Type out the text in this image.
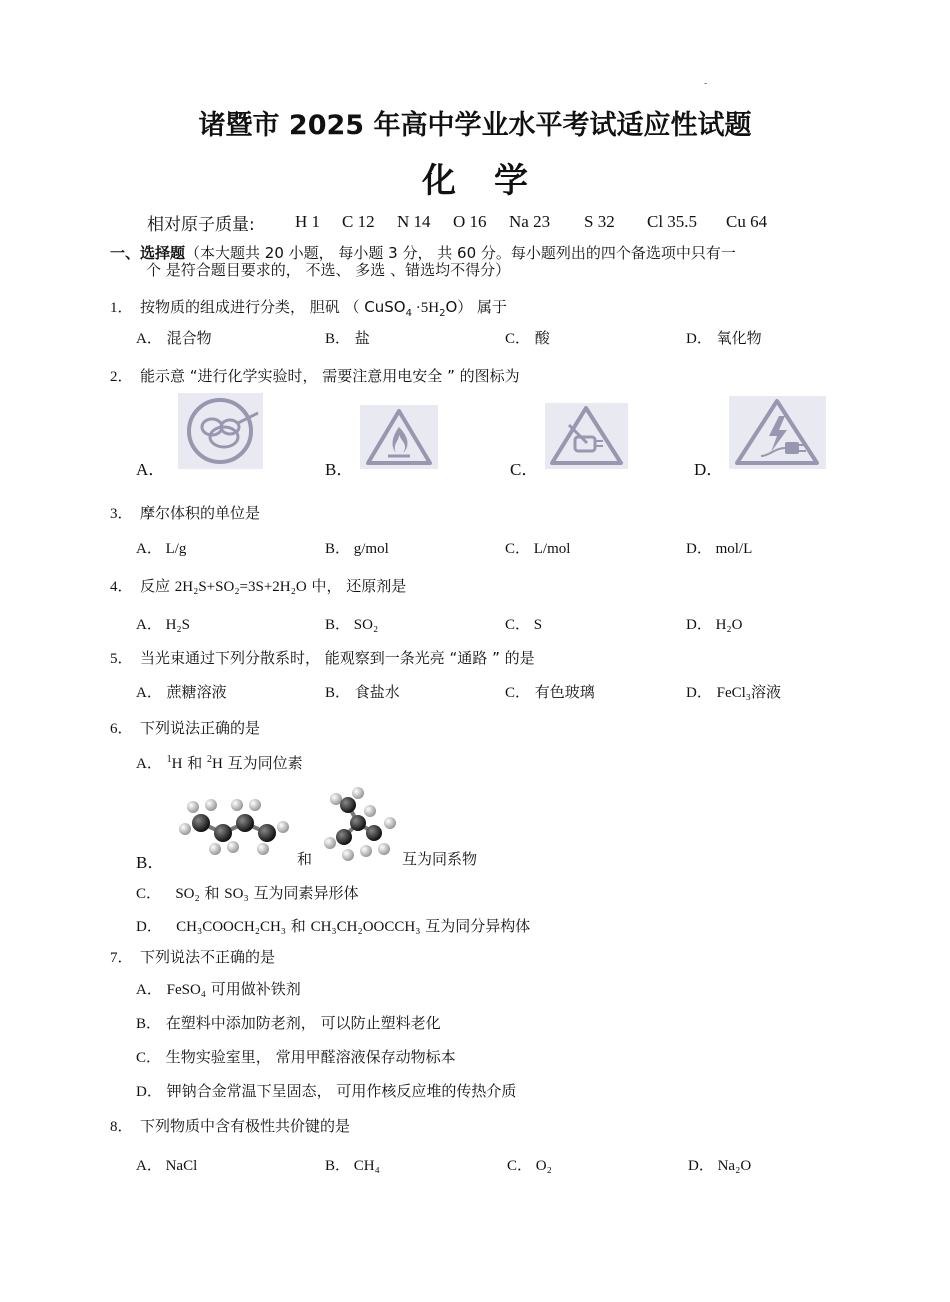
-
诸暨市 2025 年高中学业水平考试适应性试题
化学
相对原子质量: H 1 C 12 N 14 O 16 Na 23 S 32 Cl 35.5 Cu 64
一、选择题（本大题共 20 小题， 每小题 3 分， 共 60 分。每小题列出的四个备选项中只有一
个 是符合题目要求的， 不选、 多选 、错选均不得分）
1． 按物质的组成进行分类， 胆矾 （ CuSO$_4$ $\cdot 5H_2O$） 属于
A． 混合物	B． 盐	C． 酸	D． 氧化物
2． 能示意 “进行化学实验时， 需要注意用电安全 ” 的图标为
A．	B．	C．	D．
3． 摩尔体积的单位是
A． L/g	B． g/mol	C． L/mol	D． mol/L
4． 反应 2H₂S+SO₂=3S+2H₂O 中， 还原剂是
A． H₂S	B． SO₂	C． S	D． H₂O
5． 当光束通过下列分散系时， 能观察到一条光亮 “通路 ” 的是
A． 蔗糖溶液	B． 食盐水	C． 有色玻璃	D． FeCl₃溶液
6． 下列说法正确的是
A． $^1$H 和 $^2$H 互为同位素
B．	和	互为同系物
C． SO₂ 和 SO₃ 互为同素异形体
D． CH₃COOCH₂CH₃ 和 CH₃CH₂OOCCH₃ 互为同分异构体
7． 下列说法不正确的是
A． FeSO₄ 可用做补铁剂
B． 在塑料中添加防老剂， 可以防止塑料老化
C． 生物实验室里， 常用甲醛溶液保存动物标本
D． 钾钠合金常温下呈固态， 可用作核反应堆的传热介质
8． 下列物质中含有极性共价键的是
A． NaCl	B． CH₄	C． O₂	D． Na₂O
